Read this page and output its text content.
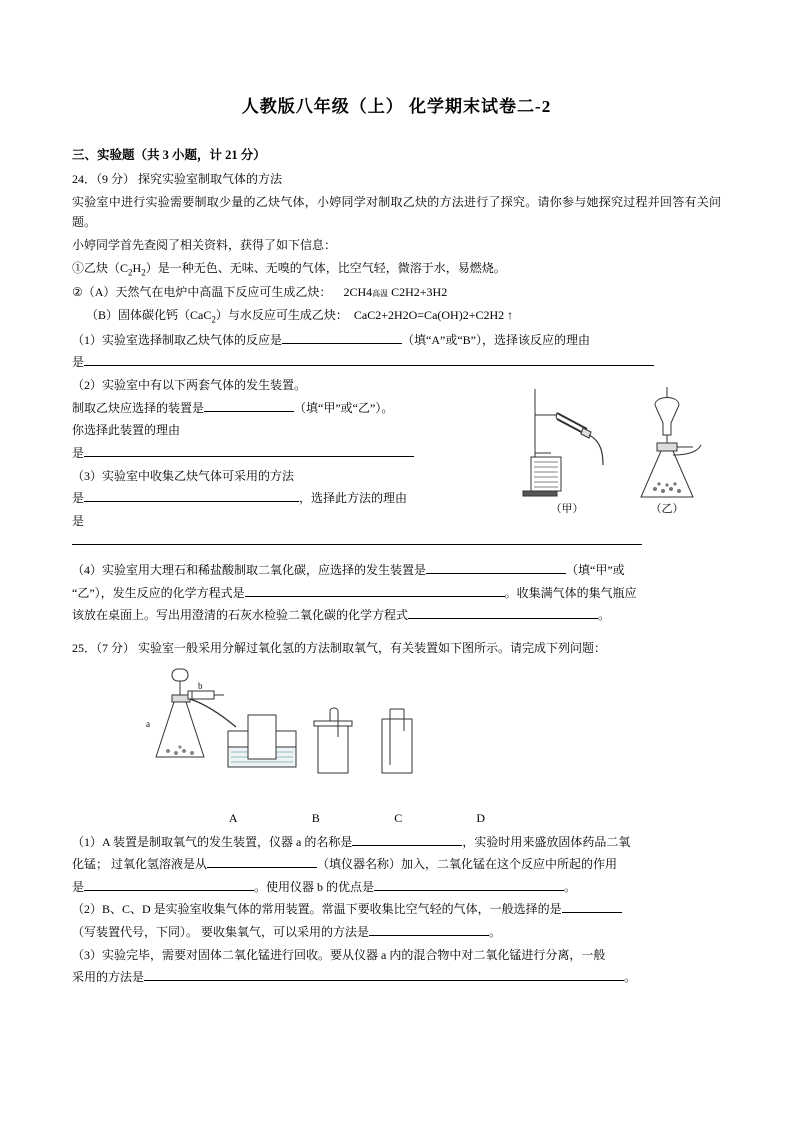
人教版八年级（上） 化学期末试卷二-2
三、实验题（共 3 小题，计 21 分）

24．（9 分） 探究实验室制取气体的方法

实验室中进行实验需要制取少量的乙炔气体，小婷同学对制取乙炔的方法进行了探究。请你参与她探究过程并回答有关问题。

小婷同学首先查阅了相关资料，获得了如下信息：

①乙炔$(C_2H_2)$是一种无色、无味、无嗅的气体，比空气轻，微溶于水，易燃烧。

②（A）天然气在电炉中高温下反应可生成乙炔： 2CH4高温 C2H2+3H2

（B）固体碳化钙（CaC$_2$）与水反应可生成乙炔： CaC2+2H2O=Ca(OH)2+C2H2 ↑

（1）实验室选择制取乙炔气体的反应是	（填“A”或“B”），选择该反应的理由

是

（甲）	（乙）

（2）实验室中有以下两套气体的发生装置。

制取乙炔应选择的装置是	（填“甲”或“乙”）。

你选择此装置的理由

是

（3）实验室中收集乙炔气体可采用的方法

是	，选择此方法的理由

是

（4）实验室用大理石和稀盐酸制取二氧化碳，应选择的发生装置是	（填“甲”或

“乙”），发生反应的化学方程式是	。收集满气体的集气瓶应

该放在桌面上。写出用澄清的石灰水检验二氧化碳的化学方程式	。

25．（7 分） 实验室一般采用分解过氧化氢的方法制取氧气，有关装置如下图所示。请完成下列问题：

b
a
A	B	C	D

（1）A 装置是制取氧气的发生装置，仪器 a 的名称是	，实验时用来盛放固体药品二氧

化锰； 过氧化氢溶液是从	（填仪器名称）加入，二氧化锰在这个反应中所起的作用

是	。使用仪器 b 的优点是	。

（2）B、C、D 是实验室收集气体的常用装置。常温下要收集比空气轻的气体，一般选择的是

（写装置代号，下同）。 要收集氧气，可以采用的方法是	。

（3）实验完毕，需要对固体二氧化锰进行回收。要从仪器 a 内的混合物中对二氧化锰进行分离，一般

采用的方法是	。
